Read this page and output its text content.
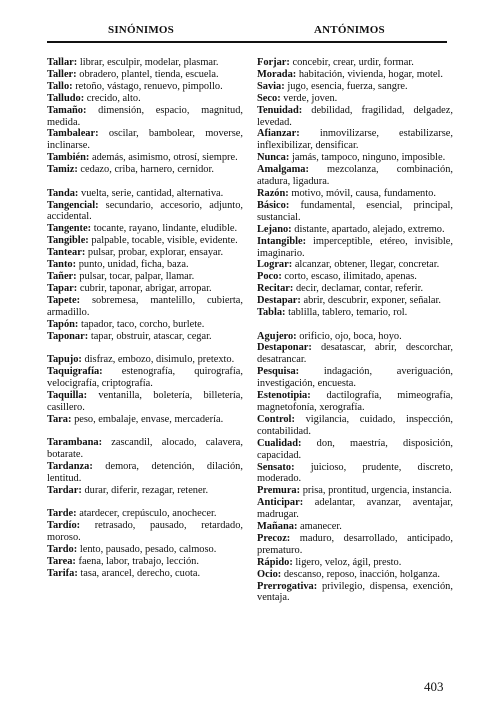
SINÓNIMOS	ANTÓNIMOS
Tallar: librar, esculpir, modelar, plasmar.
Taller: obradero, plantel, tienda, escuela.
Tallo: retoño, vástago, renuevo, pimpollo.
Talludo: crecido, alto.
Tamaño: dimensión, espacio, magnitud, medida.
Tambalear: oscilar, bambolear, moverse, inclinarse.
También: además, asimismo, otrosí, siempre.
Tamiz: cedazo, criba, harnero, cernidor.
Tanda: vuelta, serie, cantidad, alternativa.
Tangencial: secundario, accesorio, adjunto, accidental.
Tangente: tocante, rayano, lindante, eludible.
Tangible: palpable, tocable, visible, evidente.
Tantear: pulsar, probar, explorar, ensayar.
Tanto: punto, unidad, ficha, baza.
Tañer: pulsar, tocar, palpar, llamar.
Tapar: cubrir, taponar, abrigar, arropar.
Tapete: sobremesa, mantelillo, cubierta, armadillo.
Tapón: tapador, taco, corcho, burlete.
Taponar: tapar, obstruir, atascar, cegar.
Tapujo: disfraz, embozo, disimulo, pretexto.
Taquigrafía: estenografía, quirografía, velocigrafía, criptografía.
Taquilla: ventanilla, boletería, billetería, casillero.
Tara: peso, embalaje, envase, mercadería.
Tarambana: zascandil, alocado, calavera, botarate.
Tardanza: demora, detención, dilación, lentitud.
Tardar: durar, diferir, rezagar, retener.
Tarde: atardecer, crepúsculo, anochecer.
Tardío: retrasado, pausado, retardado, moroso.
Tardo: lento, pausado, pesado, calmoso.
Tarea: faena, labor, trabajo, lección.
Tarifa: tasa, arancel, derecho, cuota.
Forjar: concebir, crear, urdir, formar.
Morada: habitación, vivienda, hogar, motel.
Savia: jugo, esencia, fuerza, sangre.
Seco: verde, joven.
Tenuidad: debilidad, fragilidad, delgadez, levedad.
Afianzar: inmovilizarse, estabilizarse, inflexibilizar, densificar.
Nunca: jamás, tampoco, ninguno, imposible.
Amalgama: mezcolanza, combinación, atadura, ligadura.
Razón: motivo, móvil, causa, fundamento.
Básico: fundamental, esencial, principal, sustancial.
Lejano: distante, apartado, alejado, extremo.
Intangible: imperceptible, etéreo, invisible, imaginario.
Lograr: alcanzar, obtener, llegar, concretar.
Poco: corto, escaso, ilimitado, apenas.
Recitar: decir, declamar, contar, referir.
Destapar: abrir, descubrir, exponer, señalar.
Tabla: tablilla, tablero, temario, rol.
Agujero: orificio, ojo, boca, hoyo.
Destaponar: desatascar, abrir, descorchar, desatrancar.
Pesquisa: indagación, averiguación, investigación, encuesta.
Estenotipia: dactilografía, mimeografía, magnetofonía, xerografía.
Control: vigilancia, cuidado, inspección, contabilidad.
Cualidad: don, maestría, disposición, capacidad.
Sensato: juicioso, prudente, discreto, moderado.
Premura: prisa, prontitud, urgencia, instancia.
Anticipar: adelantar, avanzar, aventajar, madrugar.
Mañana: amanecer.
Precoz: maduro, desarrollado, anticipado, prematuro.
Rápido: ligero, veloz, ágil, presto.
Ocio: descanso, reposo, inacción, holganza.
Prerrogativa: privilegio, dispensa, exención, ventaja.
403
